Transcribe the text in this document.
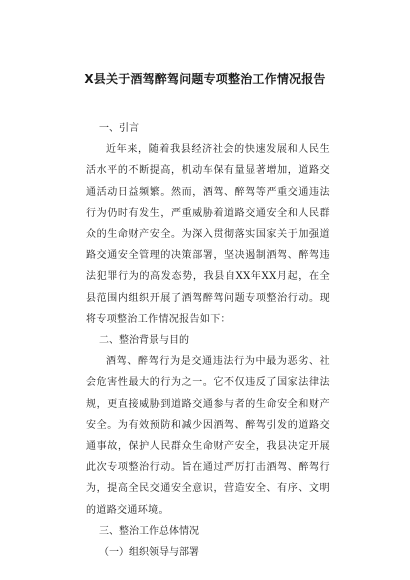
X县关于酒驾醉驾问题专项整治工作情况报告

一、引言

近年来，随着我县经济社会的快速发展和人民生活水平的不断提高，机动车保有量显著增加，道路交通活动日益频繁。然而，酒驾、醉驾等严重交通违法行为仍时有发生，严重威胁着道路交通安全和人民群众的生命财产安全。为深入贯彻落实国家关于加强道路交通安全管理的决策部署，坚决遏制酒驾、醉驾违法犯罪行为的高发态势，我县自XX年XX月起，在全县范围内组织开展了酒驾醉驾问题专项整治行动。现将专项整治工作情况报告如下：

二、整治背景与目的

酒驾、醉驾行为是交通违法行为中最为恶劣、社会危害性最大的行为之一。它不仅违反了国家法律法规，更直接威胁到道路交通参与者的生命安全和财产安全。为有效预防和减少因酒驾、醉驾引发的道路交通事故，保护人民群众生命财产安全，我县决定开展此次专项整治行动。旨在通过严厉打击酒驾、醉驾行为，提高全民交通安全意识，营造安全、有序、文明的道路交通环境。

三、整治工作总体情况

（一）组织领导与部署
